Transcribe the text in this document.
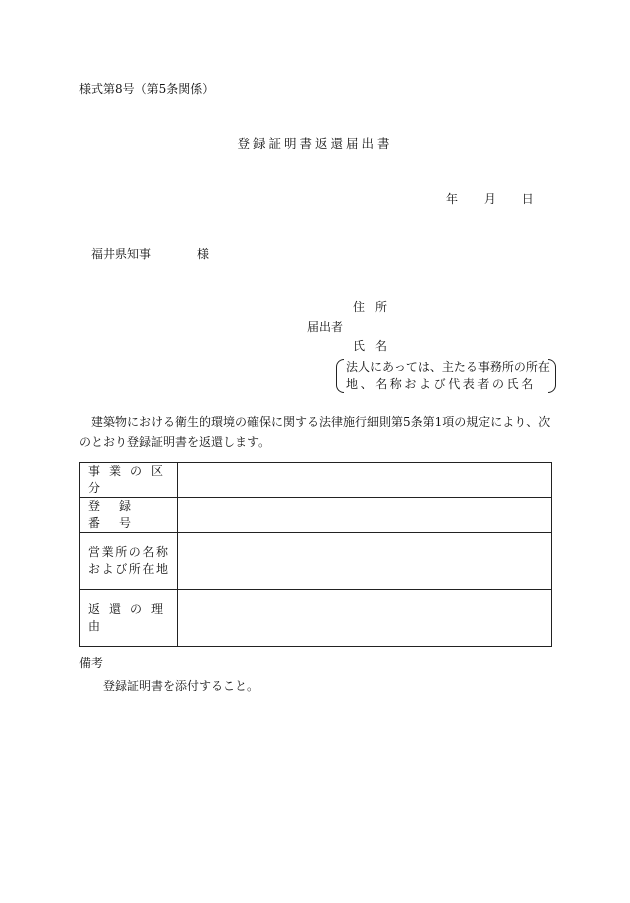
様式第8号（第5条関係）
登録証明書返還届出書
年 月 日
福井県知事	様
住所
届出者
氏名
法人にあっては、主たる事務所の所在
地、名称および代表者の氏名
建築物における衛生的環境の確保に関する法律施行細則第5条第1項の規定により、次のとおり登録証明書を返還します。
事業の区分	
登録番号	

営業所の名称
および所在地	

返還の理由	
備考
登録証明書を添付すること。
